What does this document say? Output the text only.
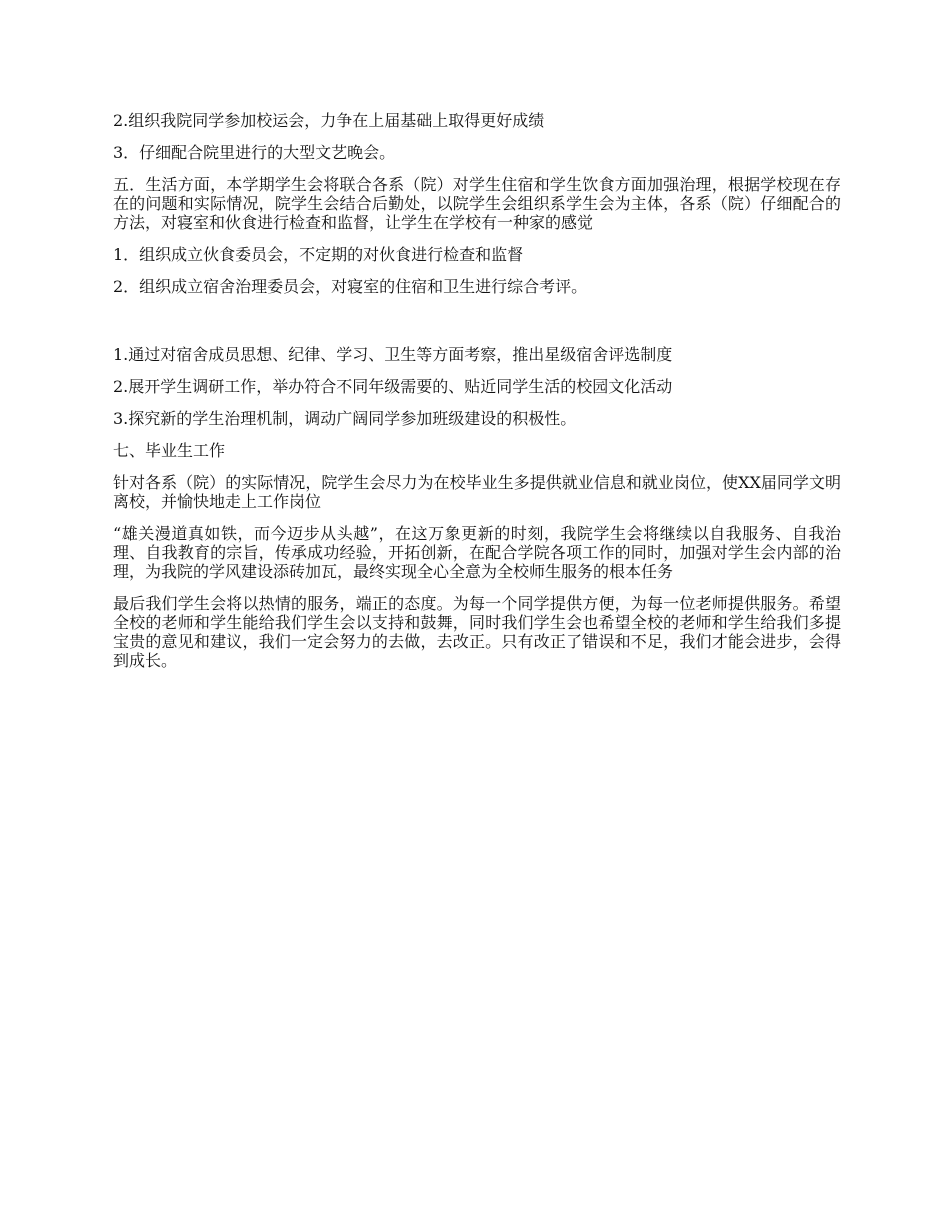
2.组织我院同学参加校运会，力争在上届基础上取得更好成绩

3．仔细配合院里进行的大型文艺晚会。

五．生活方面，本学期学生会将联合各系（院）对学生住宿和学生饮食方面加强治理，根据学校现在存在的问题和实际情况，院学生会结合后勤处，以院学生会组织系学生会为主体，各系（院）仔细配合的方法，对寝室和伙食进行检查和监督，让学生在学校有一种家的感觉

1．组织成立伙食委员会，不定期的对伙食进行检查和监督

2．组织成立宿舍治理委员会，对寝室的住宿和卫生进行综合考评。

1.通过对宿舍成员思想、纪律、学习、卫生等方面考察，推出星级宿舍评选制度

2.展开学生调研工作，举办符合不同年级需要的、贴近同学生活的校园文化活动

3.探究新的学生治理机制，调动广阔同学参加班级建设的积极性。

七、毕业生工作

针对各系（院）的实际情况，院学生会尽力为在校毕业生多提供就业信息和就业岗位，使XX届同学文明离校，并愉快地走上工作岗位

“雄关漫道真如铁，而今迈步从头越”，在这万象更新的时刻，我院学生会将继续以自我服务、自我治理、自我教育的宗旨，传承成功经验，开拓创新，在配合学院各项工作的同时，加强对学生会内部的治理，为我院的学风建设添砖加瓦，最终实现全心全意为全校师生服务的根本任务

最后我们学生会将以热情的服务，端正的态度。为每一个同学提供方便，为每一位老师提供服务。希望全校的老师和学生能给我们学生会以支持和鼓舞，同时我们学生会也希望全校的老师和学生给我们多提宝贵的意见和建议，我们一定会努力的去做，去改正。只有改正了错误和不足，我们才能会进步，会得到成长。
